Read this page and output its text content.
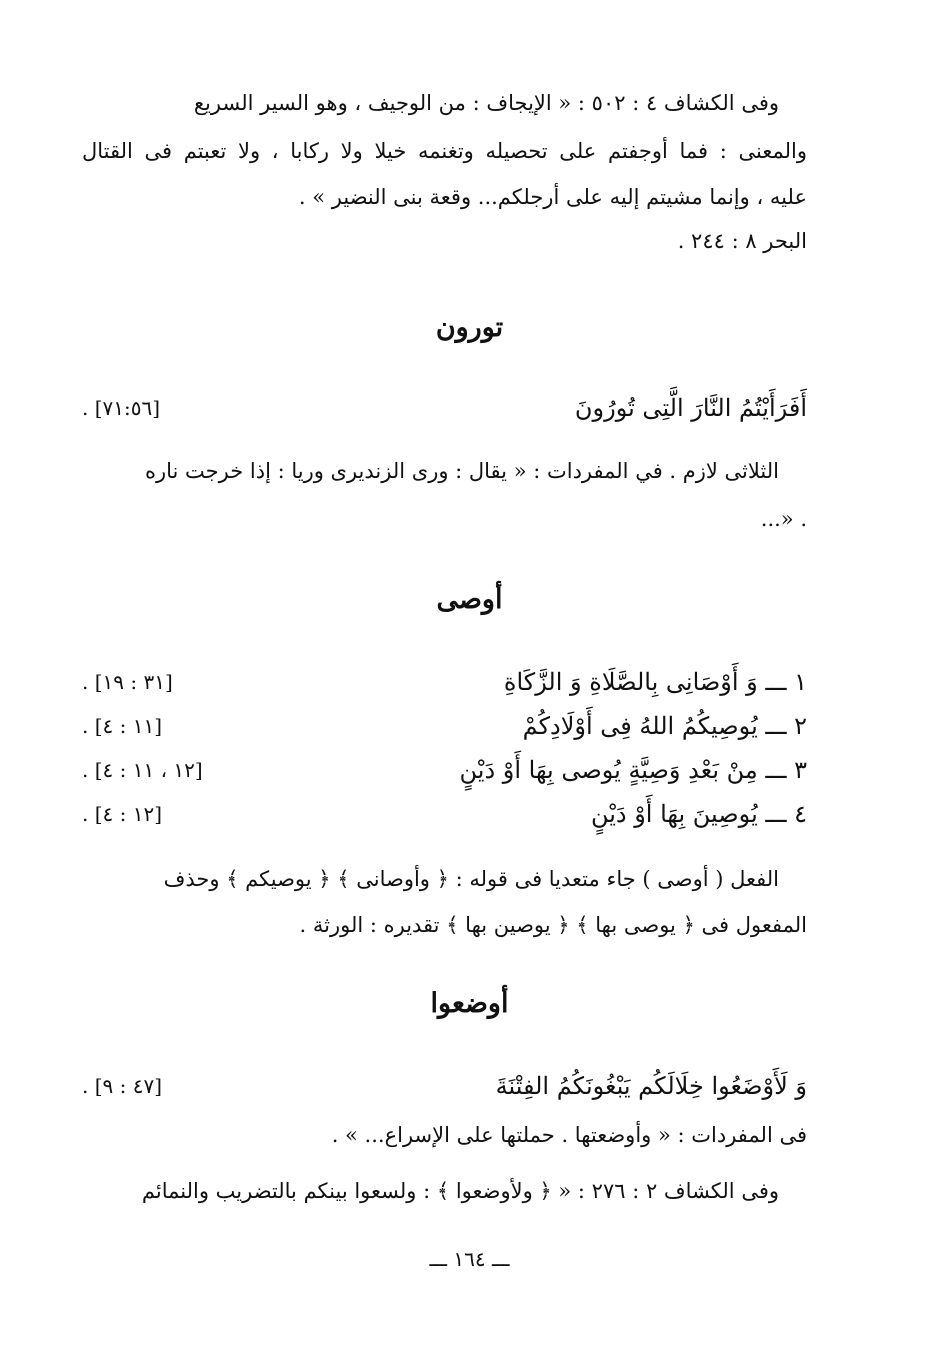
وفى الكشاف ٤ : ٥٠٢ : « الإيجاف : من الوجيف ، وهو السير السريع
والمعنى : فما أوجفتم على تحصيله وتغنمه خيلا ولا ركابا ، ولا تعبتم فى القتال
عليه ، وإنما مشيتم إليه على أرجلكم... وقعة بنى النضير » .
البحر ٨ : ٢٤٤ .
تورون
أَفَرَأَيْتُمُ النَّارَ الَّتِى تُورُونَ
. [٧١:٥٦]
الثلاثى لازم . في المفردات : « يقال : ورى الزنديرى وريا : إذا خرجت ناره
. «...
أوصى
١ ـــ وَ أَوْصَانِى بِالصَّلَاةِ وَ الزَّكَاةِ
. [٣١ : ١٩]
٢ ـــ يُوصِيكُمُ اللهُ فِى أَوْلَادِكُمْ
. [١١ : ٤]
٣ ـــ مِنْ بَعْدِ وَصِيَّةٍ يُوصى بِهَا أَوْ دَيْنٍ
. [١٢ ، ١١ : ٤]
٤ ـــ يُوصِينَ بِهَا أَوْ دَيْنٍ
. [١٢ : ٤]
الفعل ( أوصى ) جاء متعديا فى قوله : ﴿ وأوصانى ﴾ ﴿ يوصيكم ﴾ وحذف
المفعول فى ﴿ يوصى بها ﴾ ﴿ يوصين بها ﴾ تقديره : الورثة .
أوضعوا
وَ لَأَوْضَعُوا خِلَالَكُم يَبْغُونَكُمُ الفِتْنَةَ
. [٤٧ : ٩]
فى المفردات : « وأوضعتها . حملتها على الإسراع... » .
وفى الكشاف ٢ : ٢٧٦ : « ﴿ ولأوضعوا ﴾ : ولسعوا بينكم بالتضريب والنمائم
ـــ ١٦٤ ـــ
